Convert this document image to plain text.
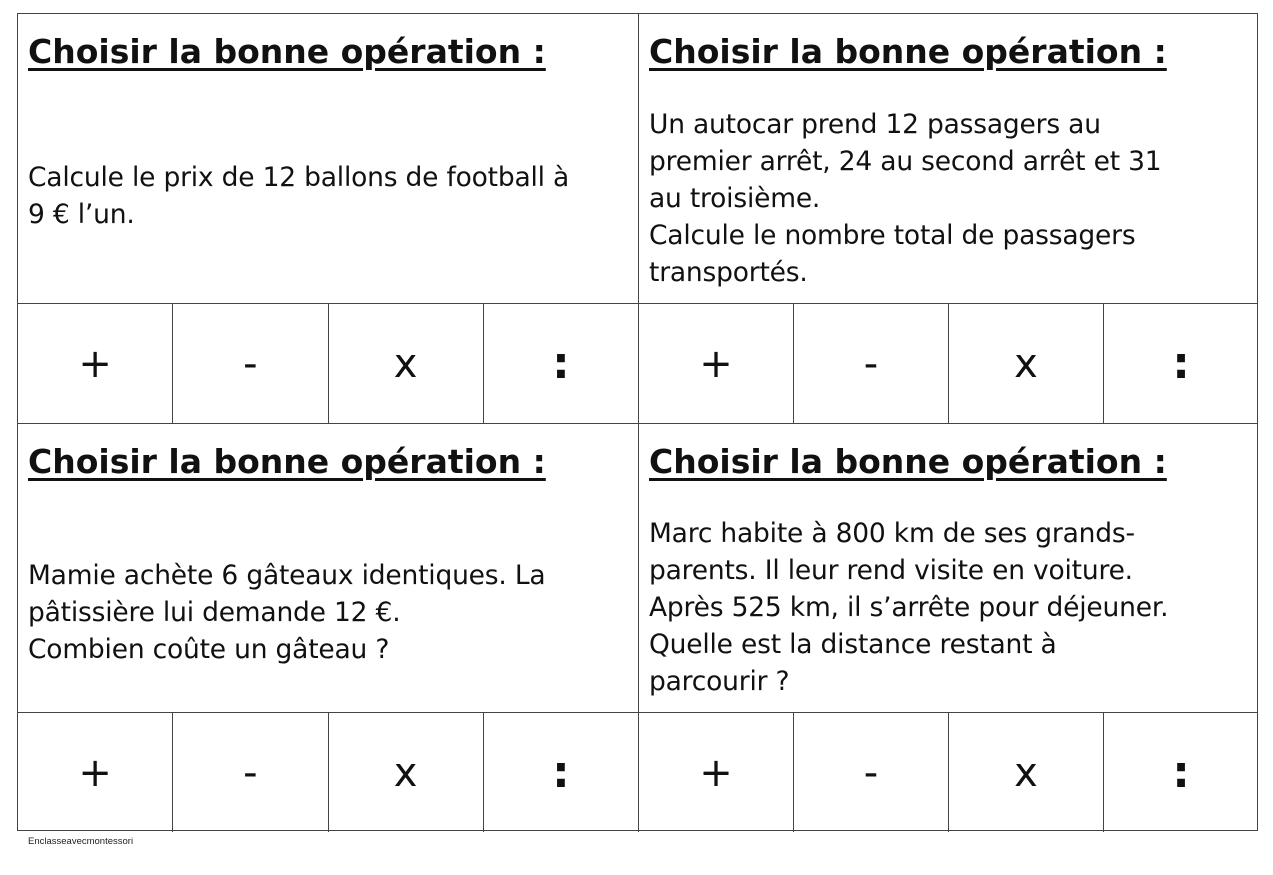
Choisir la bonne opération :

Calcule le prix de 12 ballons de football à

9 € l’un.

+	-	x	:
Choisir la bonne opération :

Un autocar prend 12 passagers au

premier arrêt, 24 au second arrêt et 31

au troisième.

Calcule le nombre total de passagers

transportés.

+	-	x	:
Choisir la bonne opération :

Mamie achète 6 gâteaux identiques. La

pâtissière lui demande 12 €.

Combien coûte un gâteau ?

+	-	x	:
Choisir la bonne opération :

Marc habite à 800 km de ses grands-

parents. Il leur rend visite en voiture.

Après 525 km, il s’arrête pour déjeuner.

Quelle est la distance restant à

parcourir ?

+	-	x	:

Enclasseavecmontessori
